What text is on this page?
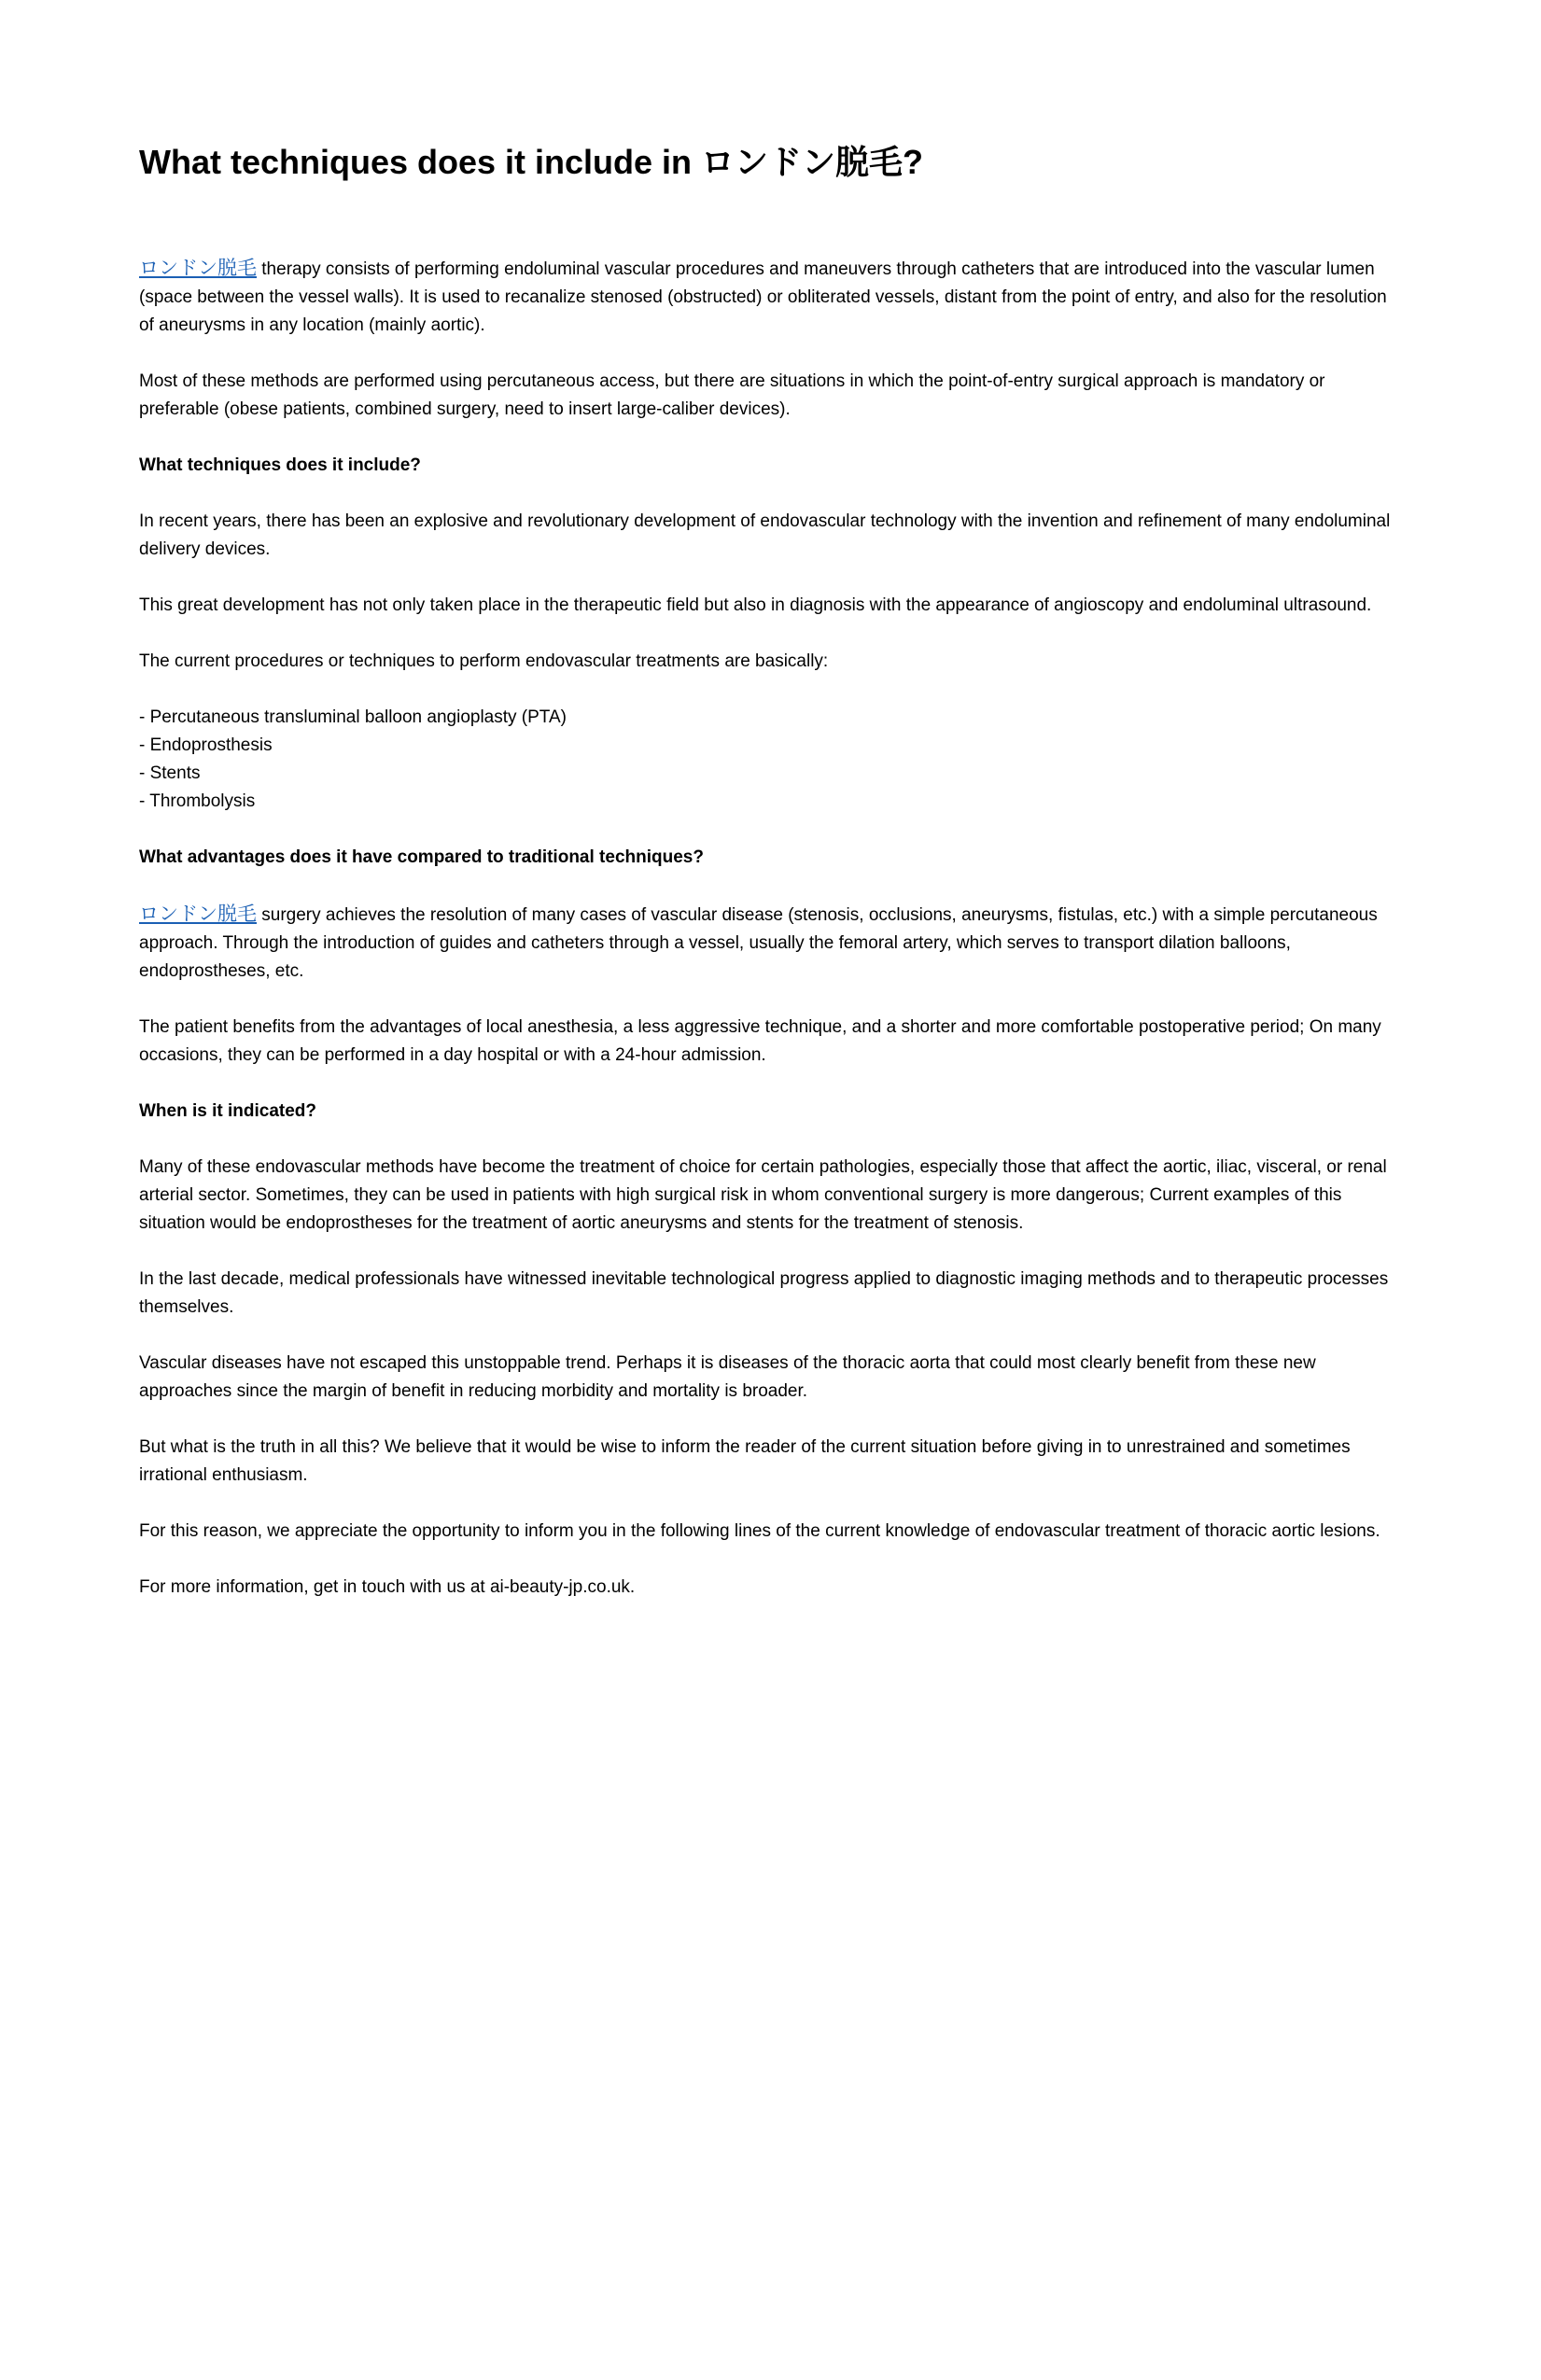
What techniques does it include in ロンドン脱毛?

ロンドン脱毛 therapy consists of performing endoluminal vascular procedures and maneuvers through catheters that are introduced into the vascular lumen (space between the vessel walls). It is used to recanalize stenosed (obstructed) or obliterated vessels, distant from the point of entry, and also for the resolution of aneurysms in any location (mainly aortic).

Most of these methods are performed using percutaneous access, but there are situations in which the point-of-entry surgical approach is mandatory or preferable (obese patients, combined surgery, need to insert large-caliber devices).

What techniques does it include?

In recent years, there has been an explosive and revolutionary development of endovascular technology with the invention and refinement of many endoluminal delivery devices.

This great development has not only taken place in the therapeutic field but also in diagnosis with the appearance of angioscopy and endoluminal ultrasound.

The current procedures or techniques to perform endovascular treatments are basically:

- Percutaneous transluminal balloon angioplasty (PTA)
- Endoprosthesis
- Stents
- Thrombolysis

What advantages does it have compared to traditional techniques?

ロンドン脱毛 surgery achieves the resolution of many cases of vascular disease (stenosis, occlusions, aneurysms, fistulas, etc.) with a simple percutaneous approach. Through the introduction of guides and catheters through a vessel, usually the femoral artery, which serves to transport dilation balloons, endoprostheses, etc.

The patient benefits from the advantages of local anesthesia, a less aggressive technique, and a shorter and more comfortable postoperative period; On many occasions, they can be performed in a day hospital or with a 24-hour admission.

When is it indicated?

Many of these endovascular methods have become the treatment of choice for certain pathologies, especially those that affect the aortic, iliac, visceral, or renal arterial sector. Sometimes, they can be used in patients with high surgical risk in whom conventional surgery is more dangerous; Current examples of this situation would be endoprostheses for the treatment of aortic aneurysms and stents for the treatment of stenosis.

In the last decade, medical professionals have witnessed inevitable technological progress applied to diagnostic imaging methods and to therapeutic processes themselves.

Vascular diseases have not escaped this unstoppable trend. Perhaps it is diseases of the thoracic aorta that could most clearly benefit from these new approaches since the margin of benefit in reducing morbidity and mortality is broader.

But what is the truth in all this? We believe that it would be wise to inform the reader of the current situation before giving in to unrestrained and sometimes irrational enthusiasm.

For this reason, we appreciate the opportunity to inform you in the following lines of the current knowledge of endovascular treatment of thoracic aortic lesions.

For more information, get in touch with us at ai-beauty-jp.co.uk.
